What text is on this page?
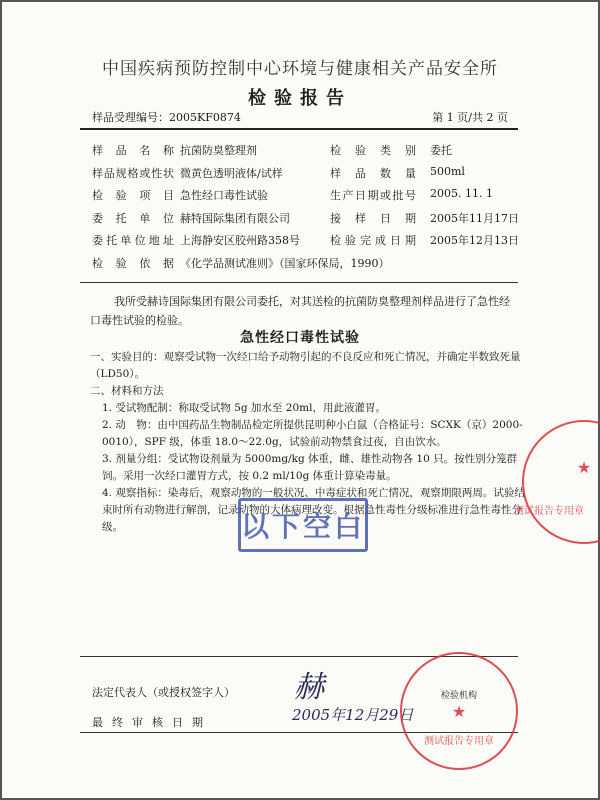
中国疾病预防控制中心环境与健康相关产品安全所
检验报告
样品受理编号：2005KF0874	第 1 页/共 2 页
样品名称 抗菌防臭整理剂	检验类别 委托
样品规格或性状 微黄色透明液体/试样	样品数量 500ml
检验项目 急性经口毒性试验	生产日期或批号 2005. 11. 1
委托单位 赫特国际集团有限公司	接样日期 2005年11月17日
委托单位地址 上海静安区胶州路358号	检验完成日期 2005年12月13日
检验依据 《化学品测试准则》（国家环保局，1990）
我所受赫诗国际集团有限公司委托，对其送检的抗菌防臭整理剂样品进行了急性经口毒性试验的检验。
急性经口毒性试验

一、实验目的：观察受试物一次经口给予动物引起的不良反应和死亡情况，并确定半数致死量（LD50）。

二、材料和方法

1. 受试物配制：称取受试物 5g 加水至 20ml，用此液灌胃。

2. 动　物：由中国药品生物制品检定所提供昆明种小白鼠（合格证号：SCXK（京）2000-0010），SPF 级，体重 18.0～22.0g，试验前动物禁食过夜，自由饮水。

3. 剂量分组：受试物设剂量为 5000mg/kg 体重，雌、雄性动物各 10 只。按性别分笼群饲。采用一次经口灌胃方式，按 0.2 ml/10g 体重计算染毒量。

4. 观察指标：染毒后，观察动物的一般状况、中毒症状和死亡情况，观察期限两周。试验结束时所有动物进行解剖，记录动物的大体病理改变。根据急性毒性分级标准进行急性毒性分级。	以下空白
★
测试报告专用章
法定代表人（或授权签字人） 赫
最终审核日期	2005年12月29日
检验机构
★
测试报告专用章
